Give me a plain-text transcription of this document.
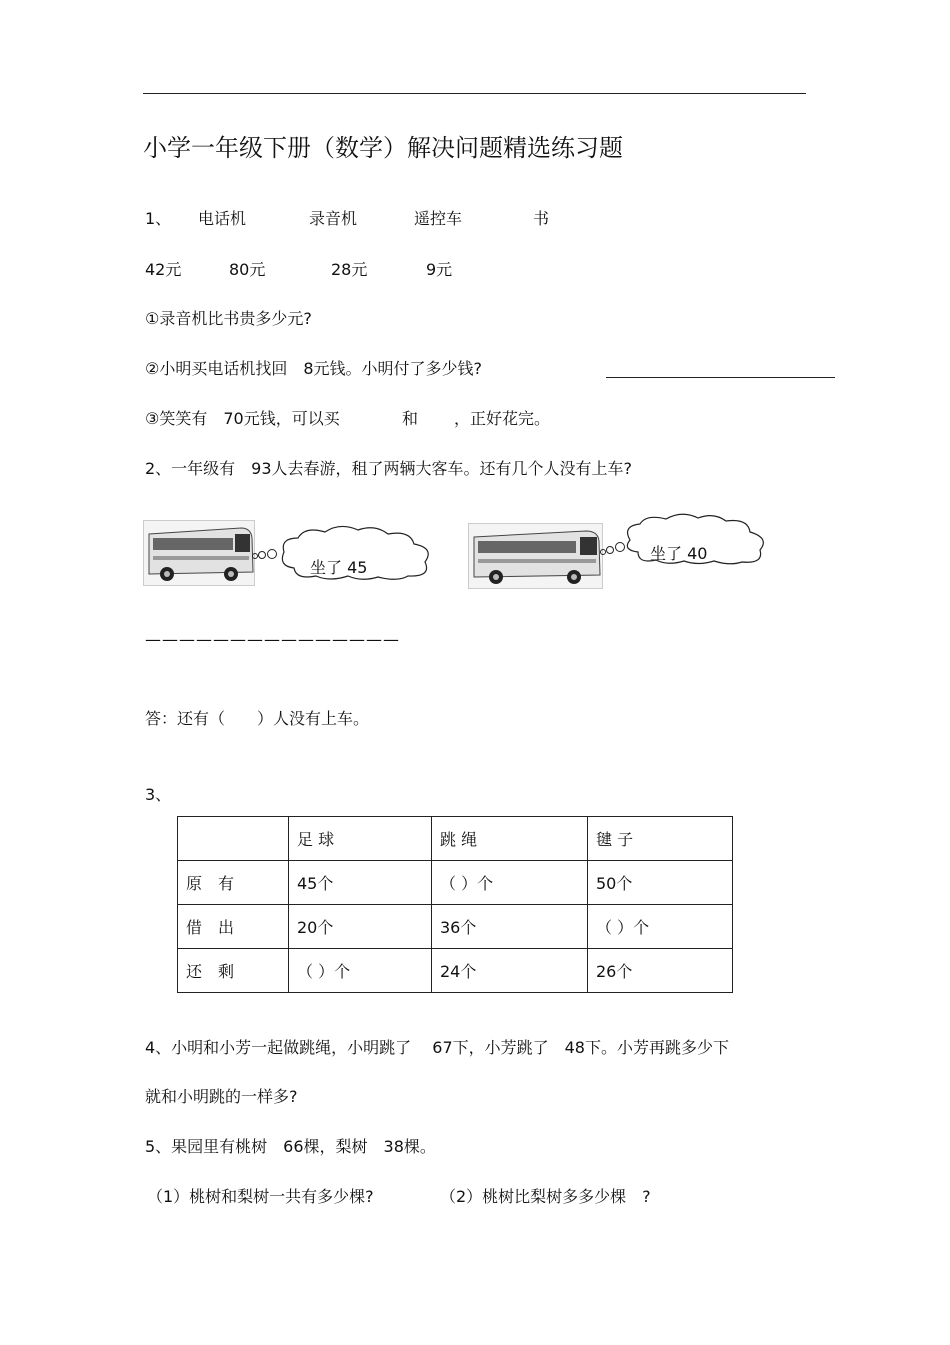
小学一年级下册（数学）解决问题精选练习题
1、 电话机	录音机	遥控车	书
42元	80元	28元	9元
①录音机比书贵多少元?
②小明买电话机找回　8元钱。小明付了多少钱?
③笑笑有　70元钱，可以买	和 ，正好花完。
2、一年级有　93人去春游，租了两辆大客车。还有几个人没有上车?
坐了 45
坐了 40
———————————————
答：还有（　　）人没有上车。
3、
	足 球	跳 绳	毽 子
原　有	45个	（ ）个	50个
借　出	20个	36个	（ ）个
还　剩	（ ）个	24个	26个
4、小明和小芳一起做跳绳，小明跳了　 67下，小芳跳了　48下。小芳再跳多少下
就和小明跳的一样多?
5、果园里有桃树　66棵，梨树　38棵。
（1）桃树和梨树一共有多少棵?	（2）桃树比梨树多多少棵　?
